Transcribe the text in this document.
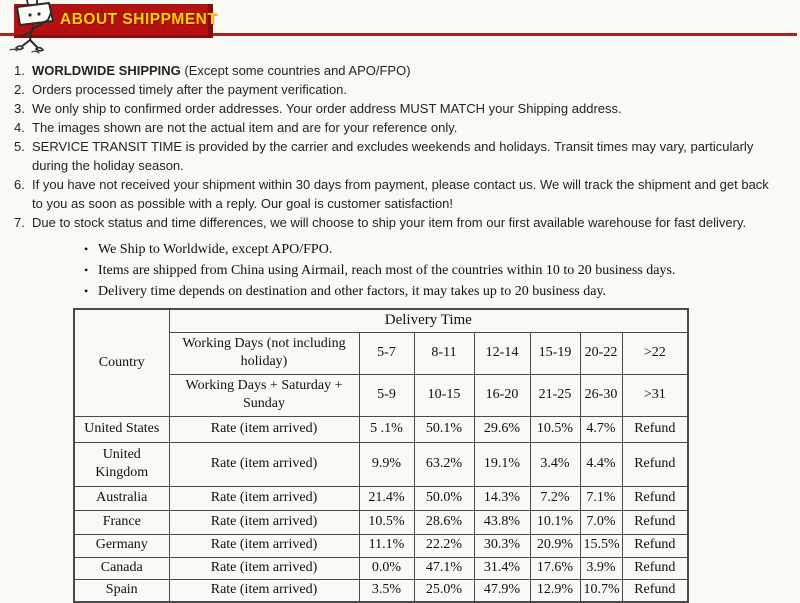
ABOUT SHIPPMENT
1. WORLDWIDE SHIPPING (Except some countries and APO/FPO)
2. Orders processed timely after the payment verification.
3. We only ship to confirmed order addresses. Your order address MUST MATCH your Shipping address.
4. The images shown are not the actual item and are for your reference only.
5. SERVICE TRANSIT TIME is provided by the carrier and excludes weekends and holidays. Transit times may vary, particularly during the holiday season.
6. If you have not received your shipment within 30 days from payment, please contact us. We will track the shipment and get back to you as soon as possible with a reply. Our goal is customer satisfaction!
7. Due to stock status and time differences, we will choose to ship your item from our first available warehouse for fast delivery.
• We Ship to Worldwide, except APO/FPO.
• Items are shipped from China using Airmail, reach most of the countries within 10 to 20 business days.
• Delivery time depends on destination and other factors, it may takes up to 20 business day.
Country	Delivery Time						
	Working Days (not including holiday)	5-7	8-11	12-14	15-19	20-22	>22
	Working Days + Saturday + Sunday	5-9	10-15	16-20	21-25	26-30	>31
United States	Rate (item arrived)	5 .1%	50.1%	29.6%	10.5%	4.7%	Refund
United Kingdom	Rate (item arrived)	9.9%	63.2%	19.1%	3.4%	4.4%	Refund
Australia	Rate (item arrived)	21.4%	50.0%	14.3%	7.2%	7.1%	Refund
France	Rate (item arrived)	10.5%	28.6%	43.8%	10.1%	7.0%	Refund
Germany	Rate (item arrived)	11.1%	22.2%	30.3%	20.9%	15.5%	Refund
Canada	Rate (item arrived)	0.0%	47.1%	31.4%	17.6%	3.9%	Refund
Spain	Rate (item arrived)	3.5%	25.0%	47.9%	12.9%	10.7%	Refund
